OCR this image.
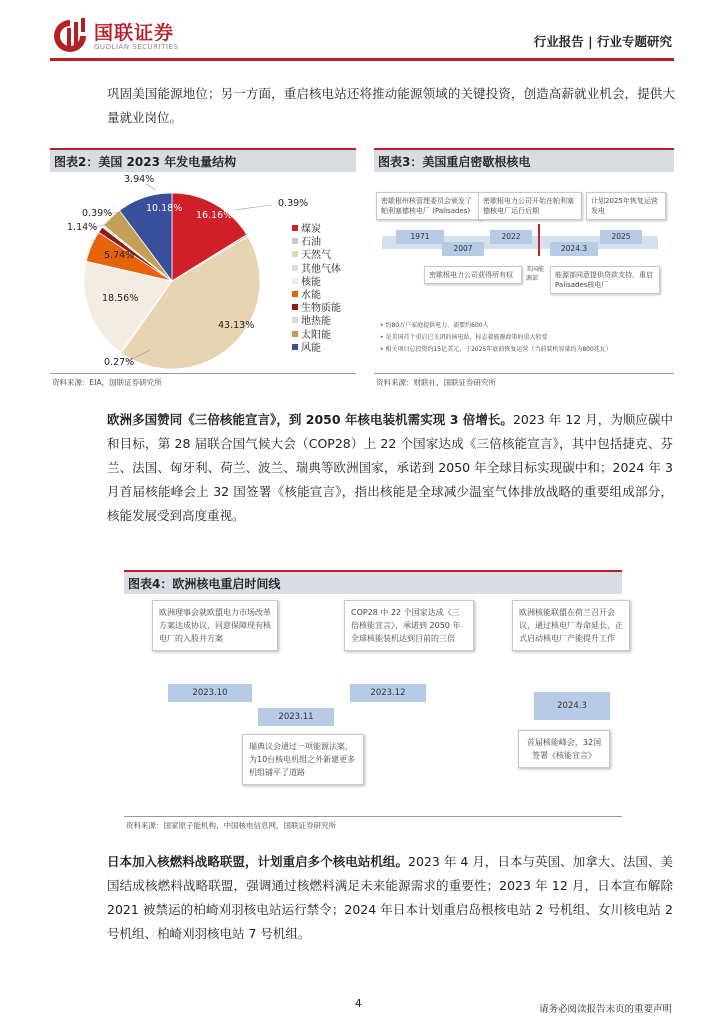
国联证券
GUOLIAN SECURITIES	行业报告 | 行业专题研究
巩固美国能源地位；另一方面，重启核电站还将推动能源领域的关键投资，创造高薪就业机会，提供大量就业岗位。
图表2：美国 2023 年发电量结构
16.16%
0.39%
43.13%
0.27%
18.56%
5.74%
1.14%
0.39%
3.94%
10.18%
煤炭
石油
天然气
其他气体
核能
水能
生物质能
地热能
太阳能
风能
资料来源：EIA，国联证券研究所
图表3：美国重启密歇根核电
密歇根州核管理委员会颁发了帕利塞德核电厂 (Palisades)
密歇根电力公司开始在帕利塞德核电厂运行后期
计划2025年恢复运营发电
1971
2007
2022
2024.3
2025
密歇根电力公司获得所有权
美国能源部	能源部同意提供贷款支持，重启Palisades核电厂
• 约80万户家庭提供电力，需要约600人
• 是美国首个重启已关闭的核电站，标志着能源政策的重大转变
• 相关项目总投资约15亿美元，于2025年底前恢复运营（当前装机容量约为800兆瓦）
资料来源：财联社，国联证券研究所
欧洲多国赞同《三倍核能宣言》，到 2050 年核电装机需实现 3 倍增长。2023 年 12 月，为顺应碳中和目标，第 28 届联合国气候大会（COP28）上 22 个国家达成《三倍核能宣言》，其中包括捷克、芬兰、法国、匈牙利、荷兰、波兰、瑞典等欧洲国家，承诺到 2050 年全球目标实现碳中和；2024 年 3 月首届核能峰会上 32 国签署《核能宣言》，指出核能是全球减少温室气体排放战略的重要组成部分，核能发展受到高度重视。
图表4：欧洲核电重启时间线
欧洲理事会就欧盟电力市场改革方案达成协议，同意保障现有核电厂的入股并方案
2023.10
2023.11
瑞典议会通过一项能源法案，为10台核电机组之外新建更多机组铺平了道路
COP28 中 22 个国家达成《三倍核能宣言》，承诺到 2050 年全球核能装机达到目前的三倍
2023.12
欧洲核能联盟在荷兰召开会议，通过核电厂寿命延长，正式启动核电厂产能提升工作
2024.3
首届核能峰会，32国签署《核能宣言》
资料来源：国家原子能机构，中国核电信息网，国联证券研究所
日本加入核燃料战略联盟，计划重启多个核电站机组。2023 年 4 月，日本与英国、加拿大、法国、美国结成核燃料战略联盟，强调通过核燃料满足未来能源需求的重要性；2023 年 12 月，日本宣布解除 2021 被禁运的柏崎刈羽核电站运行禁令；2024 年日本计划重启岛根核电站 2 号机组、女川核电站 2 号机组、柏崎刈羽核电站 7 号机组。
4	请务必阅读报告末页的重要声明
